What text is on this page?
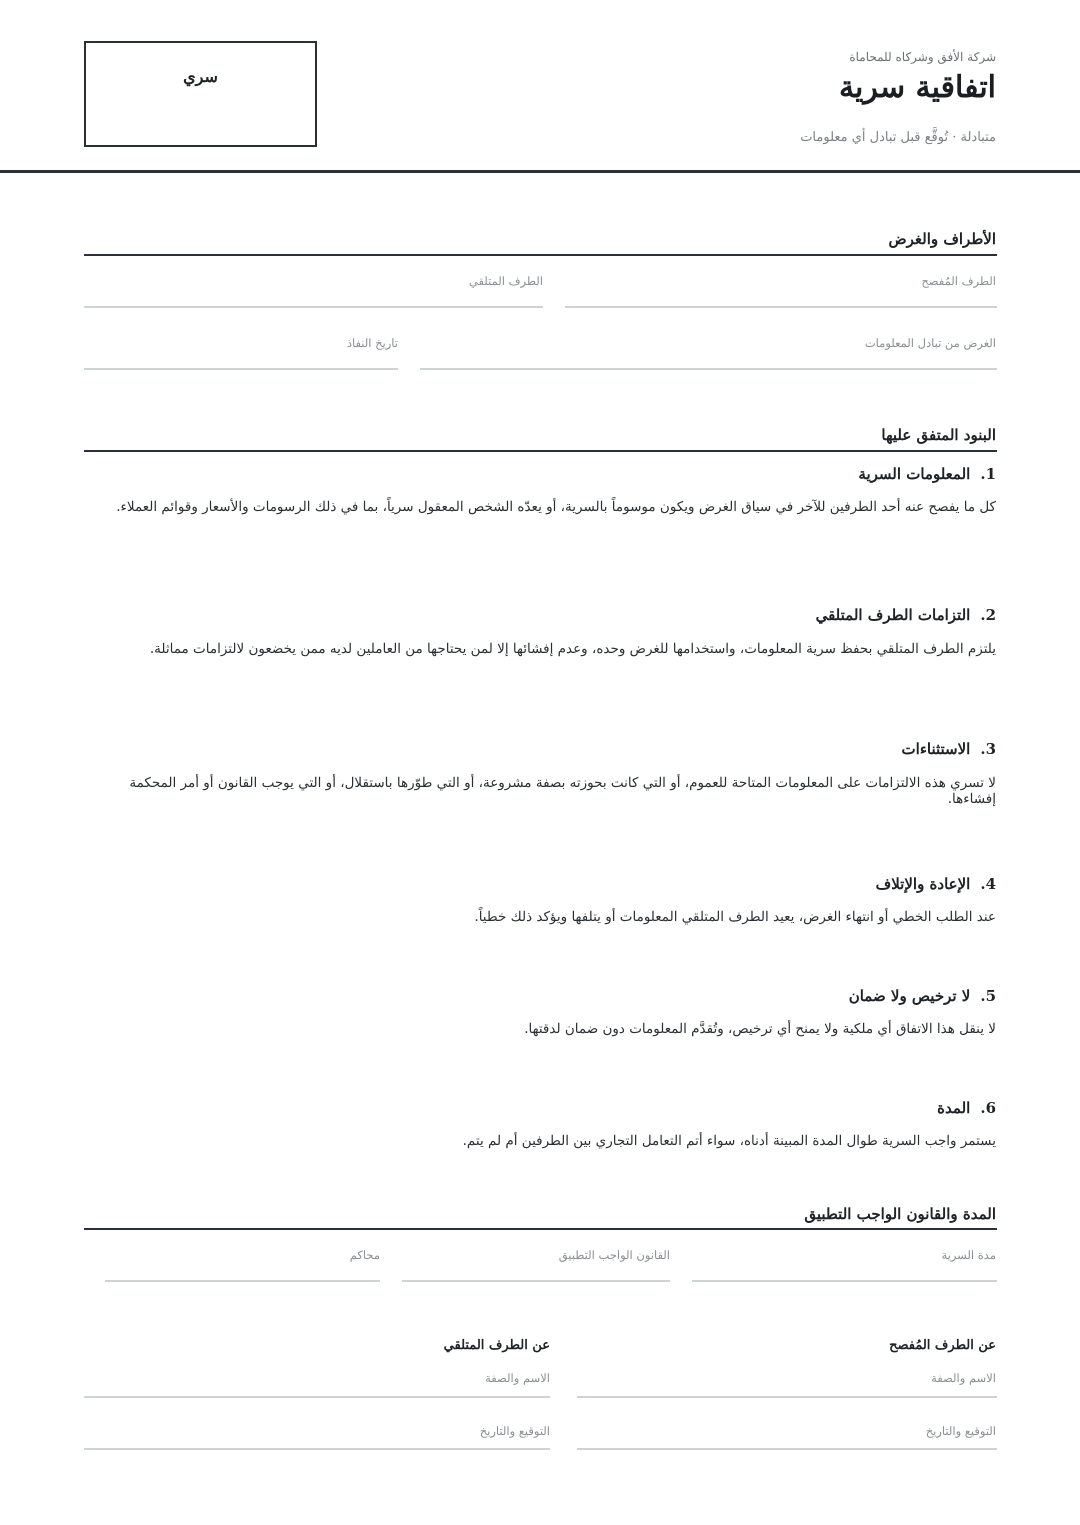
شركة الأفق وشركاه للمحاماة
اتفاقية سرية
متبادلة · تُوقَّع قبل تبادل أي معلومات
سري
الأطراف والغرض
الطرف المُفصح
الطرف المتلقي
الغرض من تبادل المعلومات
تاريخ النفاذ
البنود المتفق عليها
1.المعلومات السرية
كل ما يفصح عنه أحد الطرفين للآخر في سياق الغرض ويكون موسوماً بالسرية، أو يعدّه الشخص المعقول سرياً، بما في ذلك الرسومات والأسعار وقوائم العملاء.
2.التزامات الطرف المتلقي
يلتزم الطرف المتلقي بحفظ سرية المعلومات، واستخدامها للغرض وحده، وعدم إفشائها إلا لمن يحتاجها من العاملين لديه ممن يخضعون لالتزامات مماثلة.
3.الاستثناءات
لا تسري هذه الالتزامات على المعلومات المتاحة للعموم، أو التي كانت بحوزته بصفة مشروعة، أو التي طوّرها باستقلال، أو التي يوجب القانون أو أمر المحكمة إفشاءها.
4.الإعادة والإتلاف
عند الطلب الخطي أو انتهاء الغرض، يعيد الطرف المتلقي المعلومات أو يتلفها ويؤكد ذلك خطياً.
5.لا ترخيص ولا ضمان
لا ينقل هذا الاتفاق أي ملكية ولا يمنح أي ترخيص، وتُقدَّم المعلومات دون ضمان لدقتها.
6.المدة
يستمر واجب السرية طوال المدة المبينة أدناه، سواء أتم التعامل التجاري بين الطرفين أم لم يتم.
المدة والقانون الواجب التطبيق
مدة السرية
القانون الواجب التطبيق
محاكم
عن الطرف المُفصح
الاسم والصفة
التوقيع والتاريخ
عن الطرف المتلقي
الاسم والصفة
التوقيع والتاريخ
